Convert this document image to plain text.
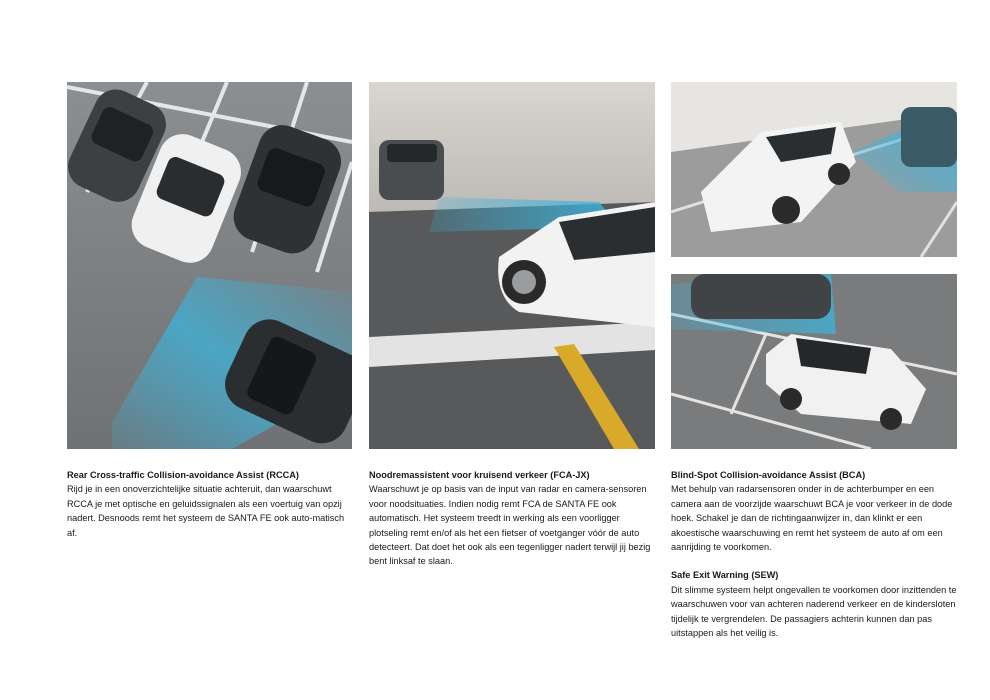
Rear Cross-traffic Collision-avoidance Assist (RCCA)
Rijd je in een onoverzichtelijke situatie achteruit, dan waarschuwt RCCA je met optische en geluidssignalen als een voertuig van opzij nadert. Desnoods remt het systeem de SANTA FE ook auto-matisch af.
Noodremassistent voor kruisend verkeer (FCA-JX)
Waarschuwt je op basis van de input van radar en camera-sensoren voor noodsituaties. Indien nodig remt FCA de SANTA FE ook automatisch. Het systeem treedt in werking als een voorligger plotseling remt en/of als het een fietser of voetganger vóór de auto detecteert. Dat doet het ook als een tegenligger nadert terwijl jij bezig bent linksaf te slaan.
Blind-Spot Collision-avoidance Assist (BCA)
Met behulp van radarsensoren onder in de achterbumper en een camera aan de voorzijde waarschuwt BCA je voor verkeer in de dode hoek. Schakel je dan de richtingaanwijzer in, dan klinkt er een akoestische waarschuwing en remt het systeem de auto af om een aanrijding te voorkomen.
Safe Exit Warning (SEW)
Dit slimme systeem helpt ongevallen te voorkomen door inzittenden te waarschuwen voor van achteren naderend verkeer en de kindersloten tijdelijk te vergrendelen. De passagiers achterin kunnen dan pas uitstappen als het veilig is.
